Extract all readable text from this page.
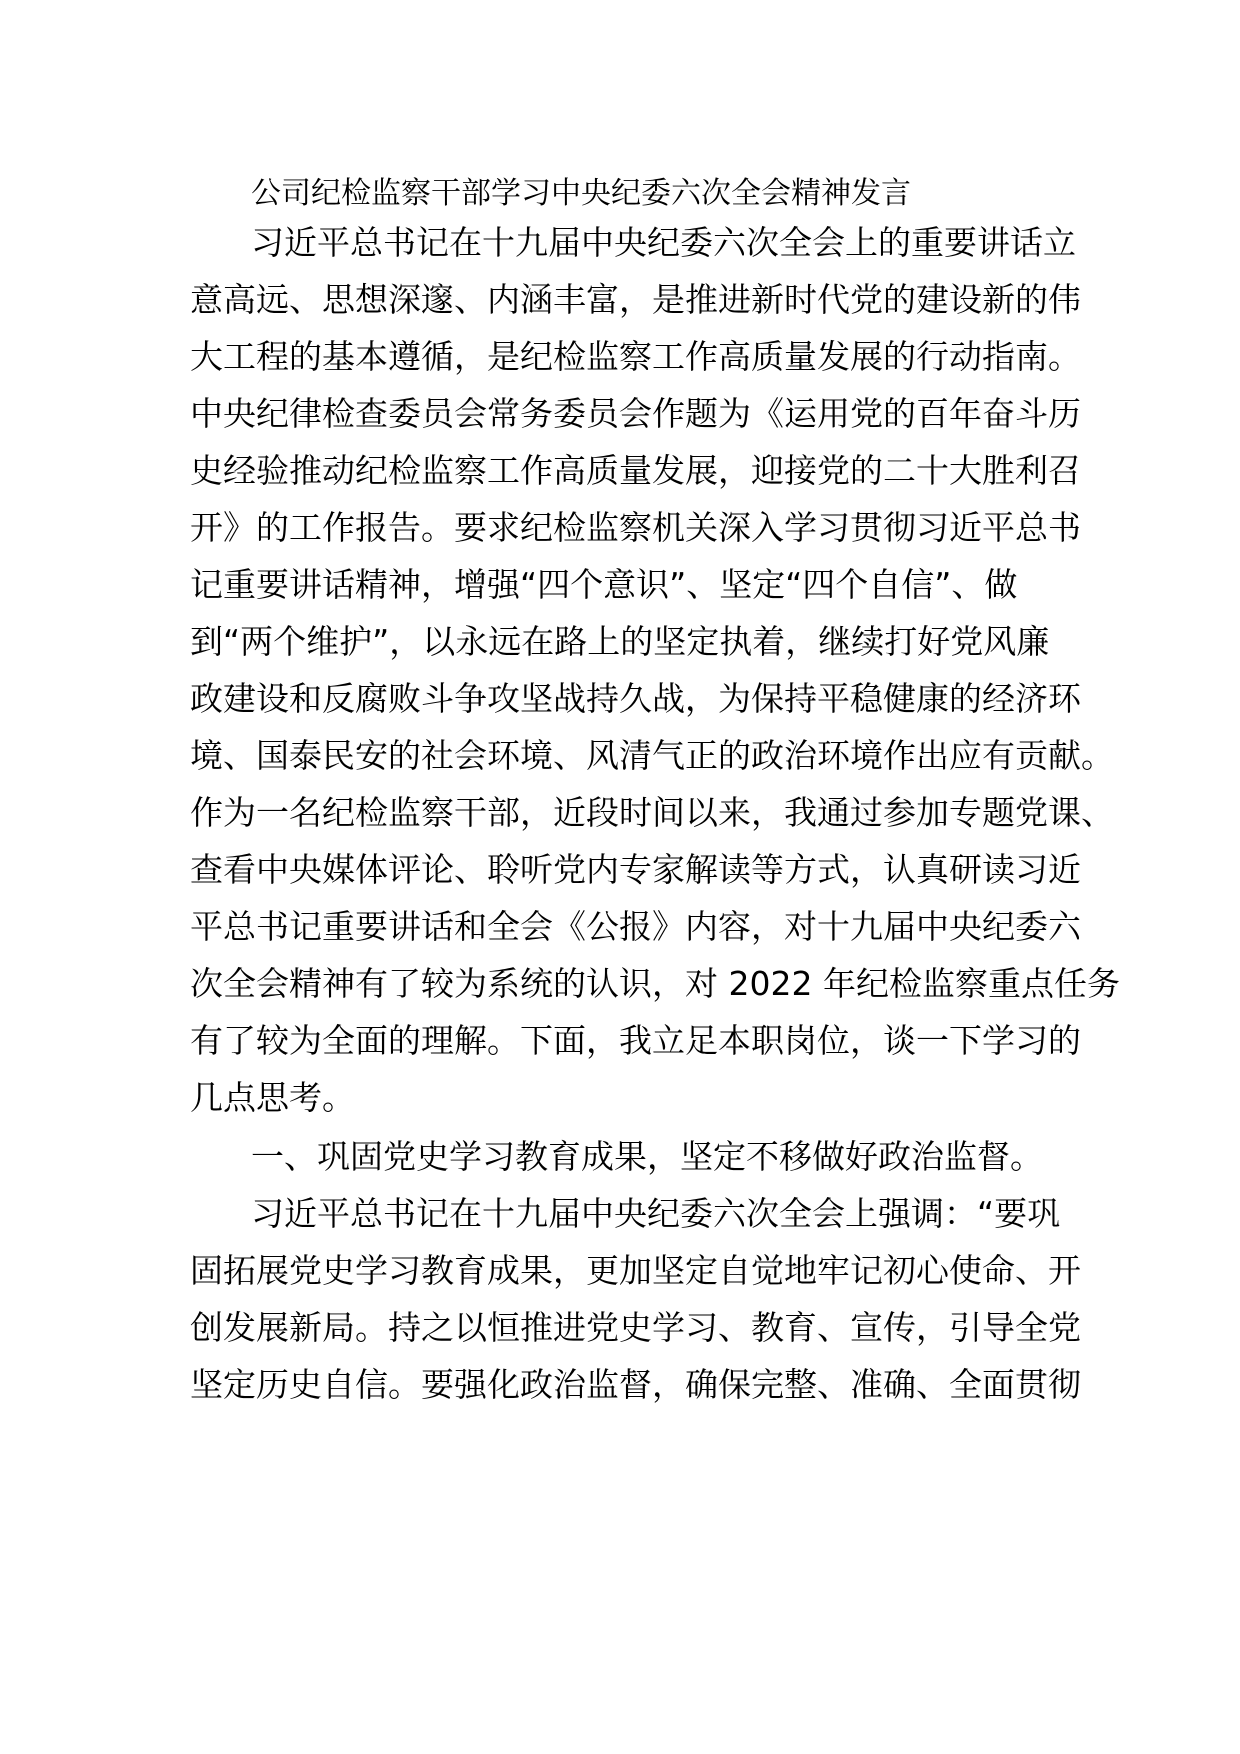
公司纪检监察干部学习中央纪委六次全会精神发言
习近平总书记在十九届中央纪委六次全会上的重要讲话立
意高远、思想深邃、内涵丰富，是推进新时代党的建设新的伟
大工程的基本遵循，是纪检监察工作高质量发展的行动指南。
中央纪律检查委员会常务委员会作题为《运用党的百年奋斗历
史经验推动纪检监察工作高质量发展，迎接党的二十大胜利召
开》的工作报告。要求纪检监察机关深入学习贯彻习近平总书
记重要讲话精神，增强“四个意识”、坚定“四个自信”、做
到“两个维护”，以永远在路上的坚定执着，继续打好党风廉
政建设和反腐败斗争攻坚战持久战，为保持平稳健康的经济环
境、国泰民安的社会环境、风清气正的政治环境作出应有贡献。
作为一名纪检监察干部，近段时间以来，我通过参加专题党课、
查看中央媒体评论、聆听党内专家解读等方式，认真研读习近
平总书记重要讲话和全会《公报》内容，对十九届中央纪委六
次全会精神有了较为系统的认识，对 2022 年纪检监察重点任务
有了较为全面的理解。下面，我立足本职岗位，谈一下学习的
几点思考。
一、巩固党史学习教育成果，坚定不移做好政治监督。
习近平总书记在十九届中央纪委六次全会上强调：“要巩
固拓展党史学习教育成果，更加坚定自觉地牢记初心使命、开
创发展新局。持之以恒推进党史学习、教育、宣传，引导全党
坚定历史自信。要强化政治监督，确保完整、准确、全面贯彻
